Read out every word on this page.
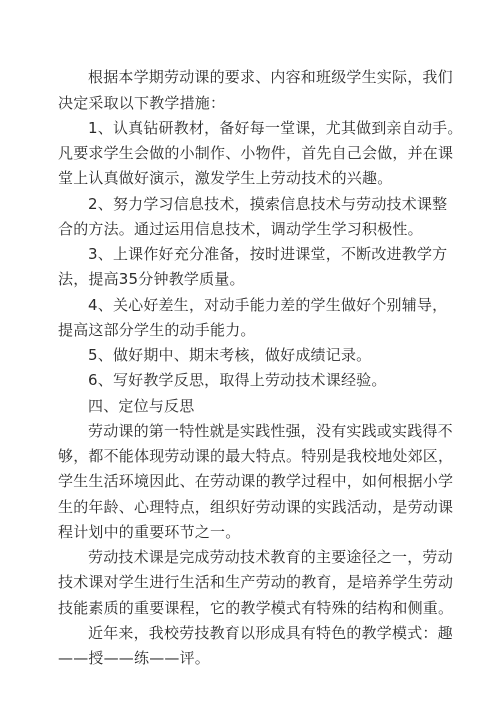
根据本学期劳动课的要求、内容和班级学生实际，我们
决定采取以下教学措施：
1、认真钻研教材，备好每一堂课，尤其做到亲自动手。
凡要求学生会做的小制作、小物件，首先自己会做，并在课
堂上认真做好演示，激发学生上劳动技术的兴趣。
2、努力学习信息技术，摸索信息技术与劳动技术课整
合的方法。通过运用信息技术，调动学生学习积极性。
3、上课作好充分准备，按时进课堂，不断改进教学方
法，提高35分钟教学质量。
4、关心好差生，对动手能力差的学生做好个别辅导，
提高这部分学生的动手能力。
5、做好期中、期末考核，做好成绩记录。
6、写好教学反思，取得上劳动技术课经验。
四、定位与反思
劳动课的第一特性就是实践性强，没有实践或实践得不
够，都不能体现劳动课的最大特点。特别是我校地处郊区，
学生生活环境因此、在劳动课的教学过程中，如何根据小学
生的年龄、心理特点，组织好劳动课的实践活动，是劳动课
程计划中的重要环节之一。
劳动技术课是完成劳动技术教育的主要途径之一，劳动
技术课对学生进行生活和生产劳动的教育，是培养学生劳动
技能素质的重要课程，它的教学模式有特殊的结构和侧重。
近年来，我校劳技教育以形成具有特色的教学模式：趣
——授——练——评。
